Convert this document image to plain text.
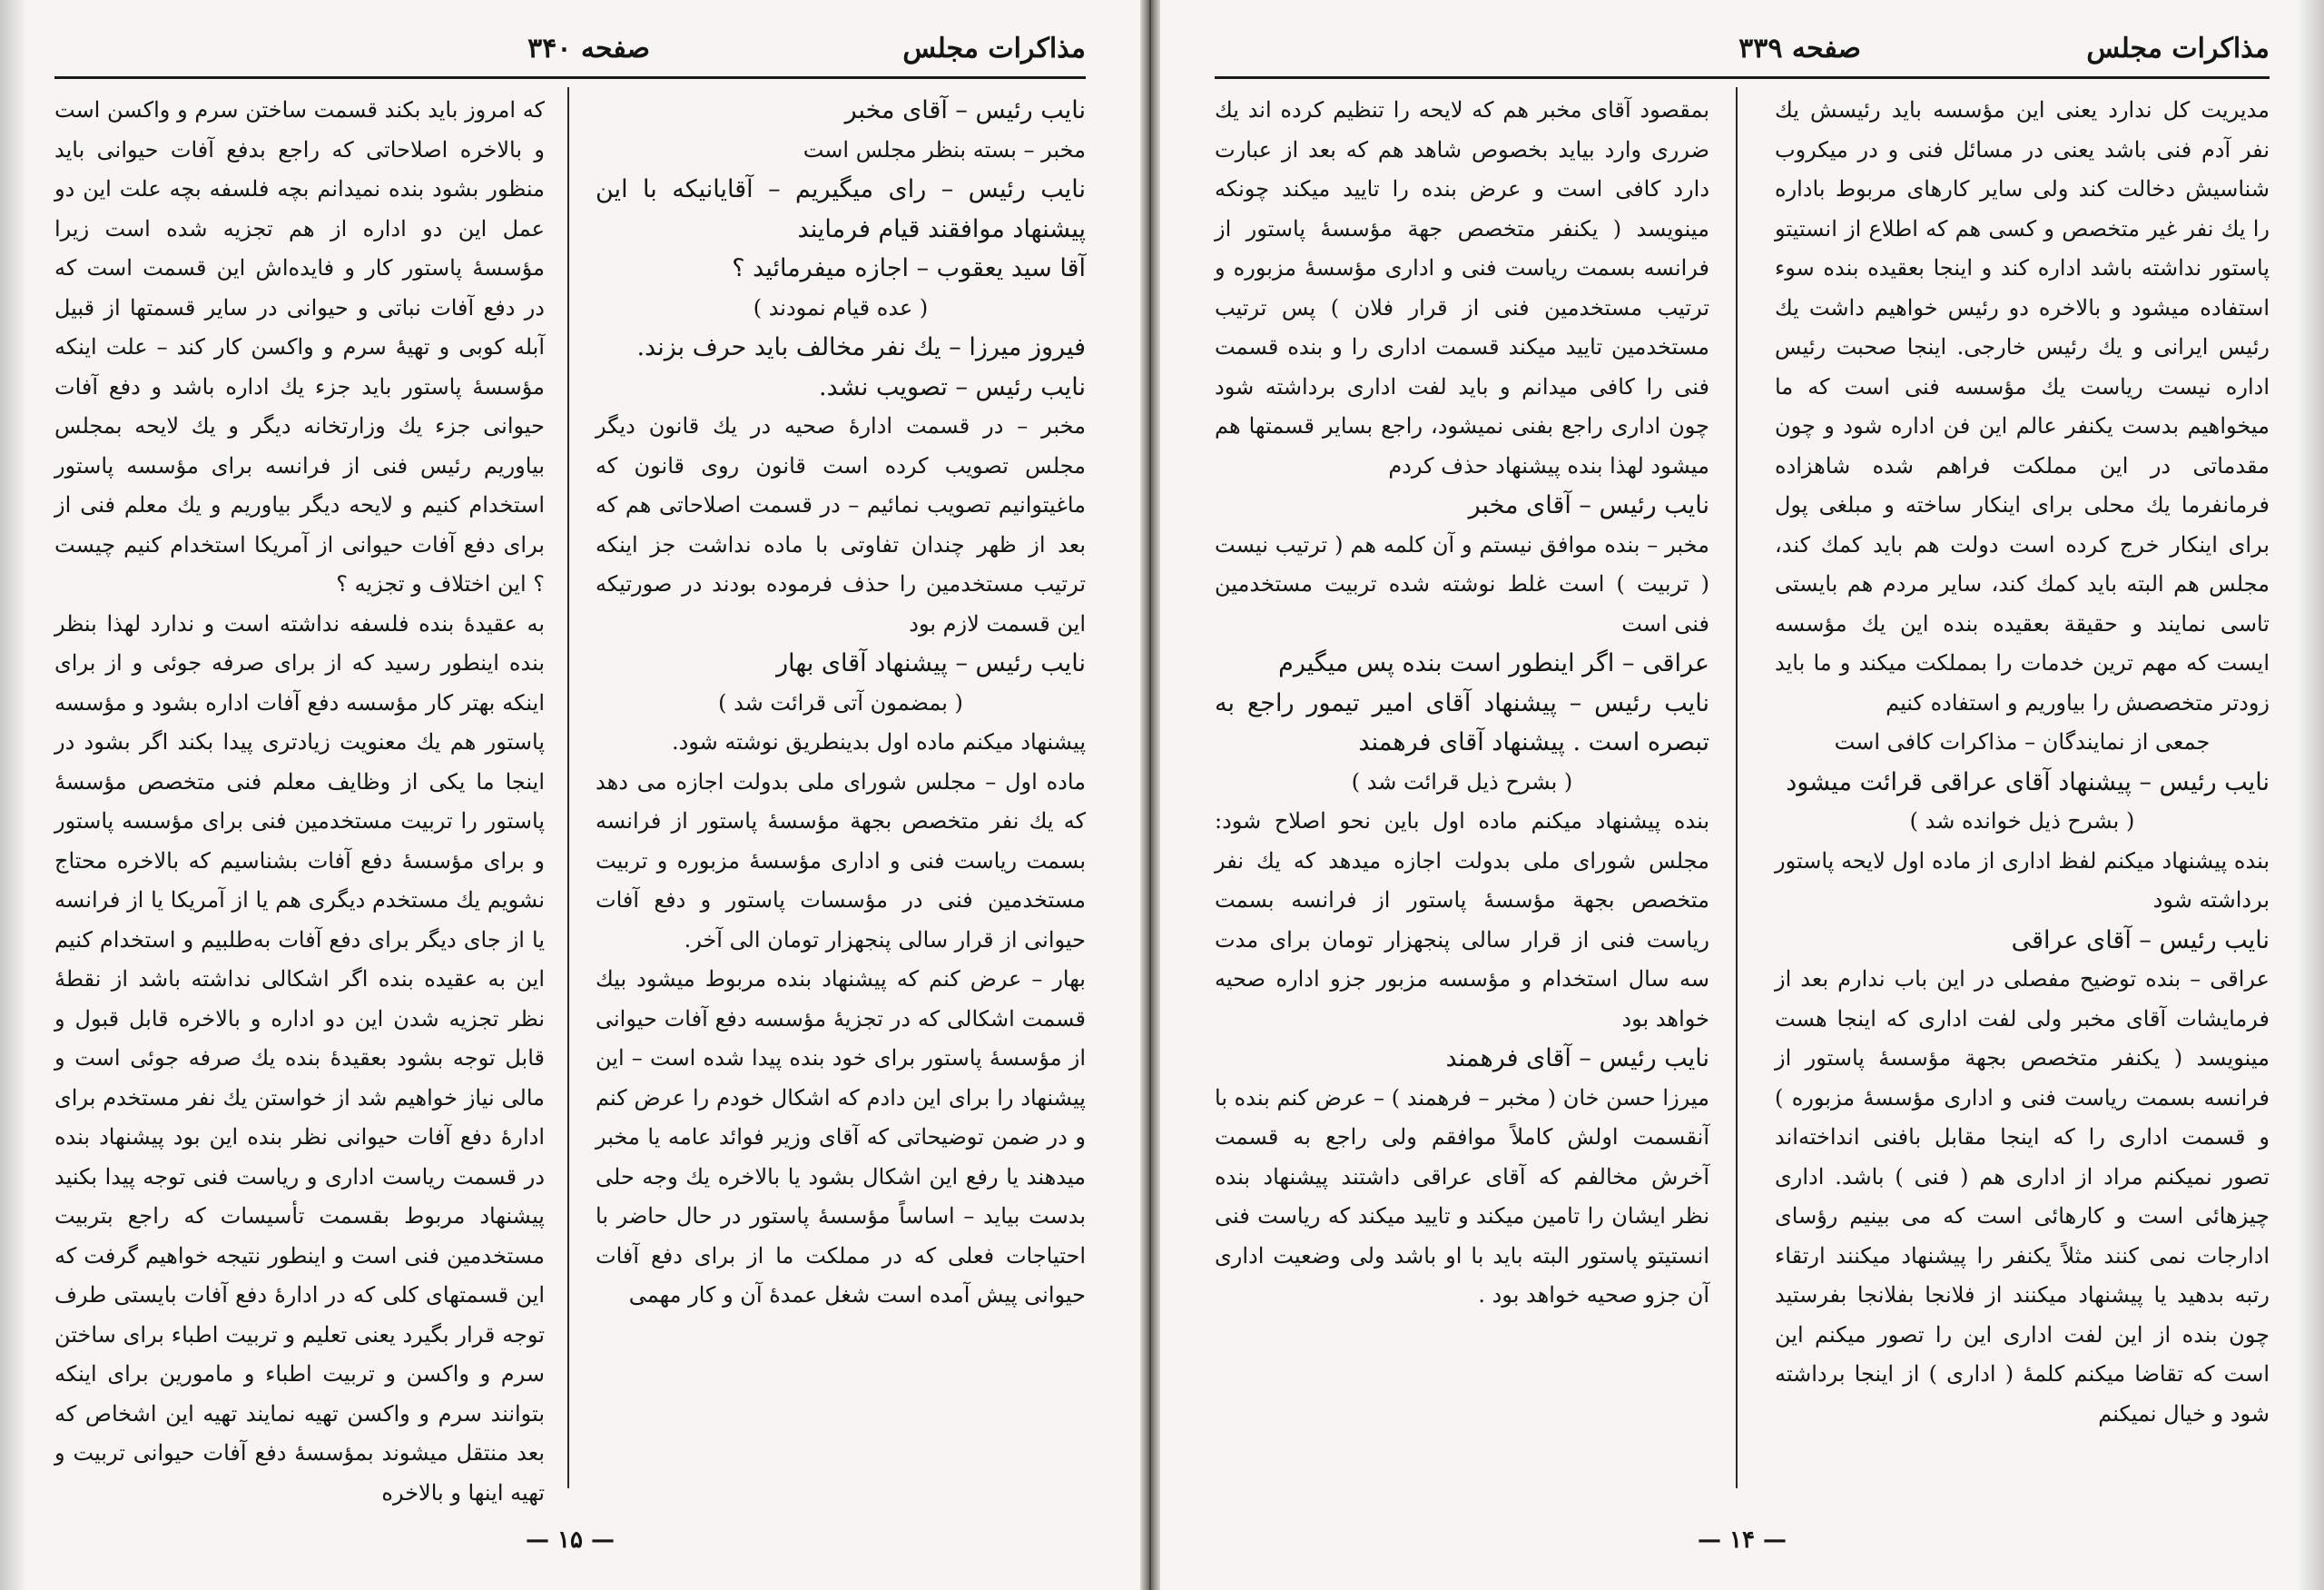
مذاکرات مجلس
صفحه ۳۴۰

نایب رئیس – آقای مخبر

مخبر – بسته بنظر مجلس است

نایب رئیس – رای میگیریم – آقایانیکه با این پیشنهاد موافقند قیام فرمایند

آقا سید یعقوب – اجازه میفرمائید ؟

( عده قیام نمودند )

فیروز میرزا – یك نفر مخالف باید حرف بزند.

نایب رئیس – تصویب نشد.

مخبر – در قسمت ادارهٔ صحیه در یك قانون دیگر مجلس تصویب کرده است قانون روی قانون که ماغیتوانیم تصویب نمائیم – در قسمت اصلاحاتی هم که بعد از ظهر چندان تفاوتی با ماده نداشت جز اینکه ترتیب مستخدمین را حذف فرموده بودند در صورتیکه این قسمت لازم بود

نایب رئیس – پیشنهاد آقای بهار

( بمضمون آتی قرائت شد )

پیشنهاد میکنم ماده اول بدینطریق نوشته شود.

ماده اول – مجلس شورای ملی بدولت اجازه می دهد که یك نفر متخصص بجهة مؤسسهٔ پاستور از فرانسه بسمت ریاست فنی و اداری مؤسسهٔ مزبوره و تربیت مستخدمین فنی در مؤسسات پاستور و دفع آفات حیوانی از قرار سالی پنجهزار تومان الی آخر.

بهار – عرض کنم که پیشنهاد بنده مربوط میشود بیك قسمت اشکالی که در تجزیهٔ مؤسسه دفع آفات حیوانی از مؤسسهٔ پاستور برای خود بنده پیدا شده است – این پیشنهاد را برای این دادم که اشکال خودم را عرض کنم و در ضمن توضیحاتی که آقای وزیر فوائد عامه یا مخبر میدهند یا رفع این اشکال بشود یا بالاخره یك وجه حلی بدست بیاید – اساساً مؤسسهٔ پاستور در حال حاضر با احتیاجات فعلی که در مملکت ما از برای دفع آفات حیوانی پیش آمده است شغل عمدهٔ آن و کار مهمی

که امروز باید بکند قسمت ساختن سرم و واکسن است و بالاخره اصلاحاتی که راجع بدفع آفات حیوانی باید منظور بشود بنده نمیدانم بچه فلسفه بچه علت این دو عمل این دو اداره از هم تجزیه شده است زیرا مؤسسهٔ پاستور کار و فایده‌اش این قسمت است که در دفع آفات نباتی و حیوانی در سایر قسمتها از قبیل آبله کوبی و تهیهٔ سرم و واکسن کار کند – علت اینکه مؤسسهٔ پاستور باید جزء یك اداره باشد و دفع آفات حیوانی جزء یك وزارتخانه دیگر و یك لایحه بمجلس بیاوریم رئیس فنی از فرانسه برای مؤسسه پاستور استخدام کنیم و لایحه دیگر بیاوریم و یك معلم فنی از برای دفع آفات حیوانی از آمریکا استخدام کنیم چیست ؟ این اختلاف و تجزیه ؟

به عقیدهٔ بنده فلسفه نداشته است و ندارد لهذا بنظر بنده اینطور رسید که از برای صرفه جوئی و از برای اینکه بهتر کار مؤسسه دفع آفات اداره بشود و مؤسسه پاستور هم یك معنویت زیادتری پیدا بکند اگر بشود در اینجا ما یکی از وظایف معلم فنی متخصص مؤسسهٔ پاستور را تربیت مستخدمین فنی برای مؤسسه پاستور و برای مؤسسهٔ دفع آفات بشناسیم که بالاخره محتاج نشویم یك مستخدم دیگری هم یا از آمریکا یا از فرانسه یا از جای دیگر برای دفع آفات به‌طلبیم و استخدام کنیم این به عقیده بنده اگر اشکالی نداشته باشد از نقطهٔ نظر تجزیه شدن این دو اداره و بالاخره قابل قبول و قابل توجه بشود بعقیدهٔ بنده یك صرفه جوئی است و مالی نیاز خواهیم شد از خواستن یك نفر مستخدم برای ادارهٔ دفع آفات حیوانی نظر بنده این بود پیشنهاد بنده در قسمت ریاست اداری و ریاست فنی توجه پیدا بکنید پیشنهاد مربوط بقسمت تأسیسات که راجع بتربیت مستخدمین فنی است و اینطور نتیجه خواهیم گرفت که این قسمتهای کلی که در ادارهٔ دفع آفات بایستی طرف توجه قرار بگیرد یعنی تعلیم و تربیت اطباء برای ساختن سرم و واکسن و تربیت اطباء و مامورین برای اینکه بتوانند سرم و واکسن تهیه نمایند تهیه این اشخاص که بعد منتقل میشوند بمؤسسهٔ دفع آفات حیوانی تربیت و تهیه اینها و بالاخره

— ۱۵ —
مذاکرات مجلس
صفحه ۳۳۹

مدیریت کل ندارد یعنی این مؤسسه باید رئیسش یك نفر آدم فنی باشد یعنی در مسائل فنی و در میکروب شناسیش دخالت کند ولی سایر کارهای مربوط باداره را یك نفر غیر متخصص و کسی هم که اطلاع از انستیتو پاستور نداشته باشد اداره کند و اینجا بعقیده بنده سوء استفاده میشود و بالاخره دو رئیس خواهیم داشت یك رئیس ایرانی و یك رئیس خارجی. اینجا صحبت رئیس اداره نیست ریاست یك مؤسسه فنی است که ما میخواهیم بدست یکنفر عالم این فن اداره شود و چون مقدماتی در این مملکت فراهم شده شاهزاده فرمانفرما یك محلی برای اینکار ساخته و مبلغی پول برای اینکار خرج کرده است دولت هم باید کمك کند، مجلس هم البته باید کمك کند، سایر مردم هم بایستی تاسی نمایند و حقیقة بعقیده بنده این یك مؤسسه ایست که مهم ترین خدمات را بمملکت میکند و ما باید زودتر متخصصش را بیاوریم و استفاده کنیم

جمعی از نمایندگان – مذاکرات کافی است

نایب رئیس – پیشنهاد آقای عراقی قرائت میشود

( بشرح ذیل خوانده شد )

بنده پیشنهاد میکنم لفظ اداری از ماده اول لایحه پاستور برداشته شود

نایب رئیس – آقای عراقی

عراقی – بنده توضیح مفصلی در این باب ندارم بعد از فرمایشات آقای مخبر ولی لفت اداری که اینجا هست مینویسد ( یکنفر متخصص بجهة مؤسسهٔ پاستور از فرانسه بسمت ریاست فنی و اداری مؤسسهٔ مزبوره ) و قسمت اداری را که اینجا مقابل بافنی انداخته‌اند تصور نمیکنم مراد از اداری هم ( فنی ) باشد. اداری چیزهائی است و کارهائی است که می بینیم رؤسای ادارجات نمی کنند مثلاً یکنفر را پیشنهاد میکنند ارتقاء رتبه بدهید یا پیشنهاد میکنند از فلانجا بفلانجا بفرستید چون بنده از این لفت اداری این را تصور میکنم این است که تقاضا میکنم کلمهٔ ( اداری ) از اینجا برداشته شود و خیال نمیکنم

بمقصود آقای مخبر هم که لایحه را تنظیم کرده اند یك ضرری وارد بیاید بخصوص شاهد هم که بعد از عبارت دارد کافی است و عرض بنده را تایید میکند چونکه مینویسد ( یکنفر متخصص جهة مؤسسهٔ پاستور از فرانسه بسمت ریاست فنی و اداری مؤسسهٔ مزبوره و ترتیب مستخدمین فنی از قرار فلان ) پس ترتیب مستخدمین تایید میکند قسمت اداری را و بنده قسمت فنی را کافی میدانم و باید لفت اداری برداشته شود چون اداری راجع بفنی نمیشود، راجع بسایر قسمتها هم میشود لهذا بنده پیشنهاد حذف کردم

نایب رئیس – آقای مخبر

مخبر – بنده موافق نیستم و آن کلمه هم ( ترتیب نیست ( تربیت ) است غلط نوشته شده تربیت مستخدمین فنی است

عراقی – اگر اینطور است بنده پس میگیرم

نایب رئیس – پیشنهاد آقای امیر تیمور راجع به تبصره است . پیشنهاد آقای فرهمند

( بشرح ذیل قرائت شد )

بنده پیشنهاد میکنم ماده اول باین نحو اصلاح شود: مجلس شورای ملی بدولت اجازه میدهد که یك نفر متخصص بجهة مؤسسهٔ پاستور از فرانسه بسمت ریاست فنی از قرار سالی پنجهزار تومان برای مدت سه سال استخدام و مؤسسه مزبور جزو اداره صحیه خواهد بود

نایب رئیس – آقای فرهمند

میرزا حسن خان ( مخبر – فرهمند ) – عرض کنم بنده با آنقسمت اولش کاملاً موافقم ولی راجع به قسمت آخرش مخالفم که آقای عراقی داشتند پیشنهاد بنده نظر ایشان را تامین میکند و تایید میکند که ریاست فنی انستیتو پاستور البته باید با او باشد ولی وضعیت اداری آن جزو صحیه خواهد بود .

— ۱۴ —
